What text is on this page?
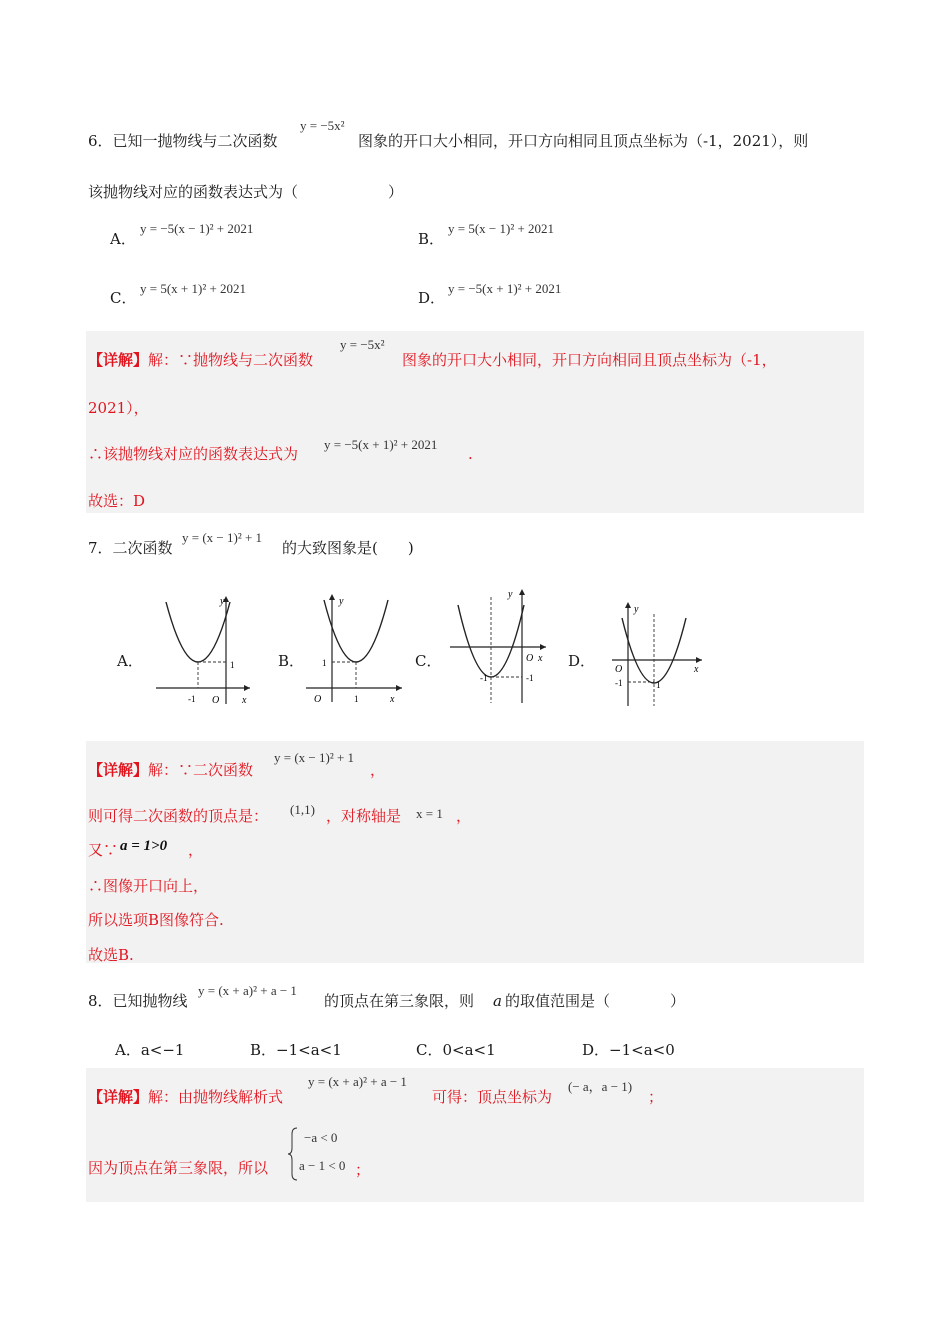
6．已知一抛物线与二次函数
y = −5x²
图象的开口大小相同，开口方向相同且顶点坐标为（-1，2021），则
该抛物线对应的函数表达式为（　　　　　　）
A．
y = −5(x − 1)² + 2021
B．
y = 5(x − 1)² + 2021
C．
y = 5(x + 1)² + 2021
D．
y = −5(x + 1)² + 2021
【详解】解：∵抛物线与二次函数
y = −5x²
图象的开口大小相同，开口方向相同且顶点坐标为（-1，
2021），
∴该抛物线对应的函数表达式为
y = −5(x + 1)² + 2021
.
故选：D
7．二次函数
y = (x − 1)² + 1
的大致图象是(　　)
A．
y
x
O
-1
1	B．
y
x
O	1
1	C．
y
x
O
-1	-1
D．
y
x
O
-1	1
【详解】解：∵二次函数
y = (x − 1)² + 1
，
则可得二次函数的顶点是： (1,1) ，对称轴是 x = 1 ，
又∵ a = 1>0 ，
∴图像开口向上，
所以选项B图像符合.
故选B.
8．已知抛物线
y = (x + a)² + a − 1
的顶点在第三象限，则 a 的取值范围是（　　　　）
A．a<−1	B．−1<a<1	C．0<a<1	D．−1<a<0
【详解】解：由抛物线解析式
y = (x + a)² + a − 1
可得：顶点坐标为
(− a，a − 1)
；
因为顶点在第三象限，所以
−a < 0
a − 1 < 0 ；
